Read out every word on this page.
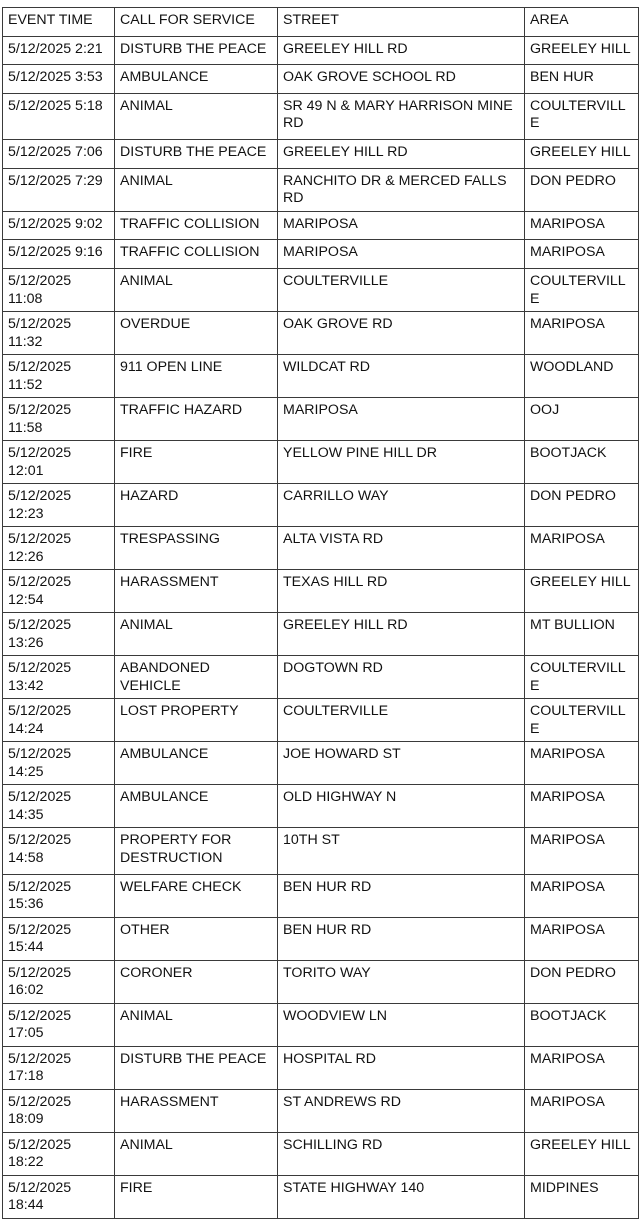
EVENT TIME	CALL FOR SERVICE	STREET	AREA
5/12/2025 2:21	DISTURB THE PEACE	GREELEY HILL RD	GREELEY HILL
5/12/2025 3:53	AMBULANCE	OAK GROVE SCHOOL RD	BEN HUR
5/12/2025 5:18	ANIMAL	SR 49 N & MARY HARRISON MINE RD	COULTERVILLE
5/12/2025 7:06	DISTURB THE PEACE	GREELEY HILL RD	GREELEY HILL
5/12/2025 7:29	ANIMAL	RANCHITO DR & MERCED FALLS RD	DON PEDRO
5/12/2025 9:02	TRAFFIC COLLISION	MARIPOSA	MARIPOSA
5/12/2025 9:16	TRAFFIC COLLISION	MARIPOSA	MARIPOSA
5/12/2025 11:08	ANIMAL	COULTERVILLE	COULTERVILLE
5/12/2025 11:32	OVERDUE	OAK GROVE RD	MARIPOSA
5/12/2025 11:52	911 OPEN LINE	WILDCAT RD	WOODLAND
5/12/2025 11:58	TRAFFIC HAZARD	MARIPOSA	OOJ
5/12/2025 12:01	FIRE	YELLOW PINE HILL DR	BOOTJACK
5/12/2025 12:23	HAZARD	CARRILLO WAY	DON PEDRO
5/12/2025 12:26	TRESPASSING	ALTA VISTA RD	MARIPOSA
5/12/2025 12:54	HARASSMENT	TEXAS HILL RD	GREELEY HILL
5/12/2025 13:26	ANIMAL	GREELEY HILL RD	MT BULLION
5/12/2025 13:42	ABANDONED VEHICLE	DOGTOWN RD	COULTERVILLE
5/12/2025 14:24	LOST PROPERTY	COULTERVILLE	COULTERVILLE
5/12/2025 14:25	AMBULANCE	JOE HOWARD ST	MARIPOSA
5/12/2025 14:35	AMBULANCE	OLD HIGHWAY N	MARIPOSA
5/12/2025 14:58	PROPERTY FOR DESTRUCTION	10TH ST	MARIPOSA
5/12/2025 15:36	WELFARE CHECK	BEN HUR RD	MARIPOSA
5/12/2025 15:44	OTHER	BEN HUR RD	MARIPOSA
5/12/2025 16:02	CORONER	TORITO WAY	DON PEDRO
5/12/2025 17:05	ANIMAL	WOODVIEW LN	BOOTJACK
5/12/2025 17:18	DISTURB THE PEACE	HOSPITAL RD	MARIPOSA
5/12/2025 18:09	HARASSMENT	ST ANDREWS RD	MARIPOSA
5/12/2025 18:22	ANIMAL	SCHILLING RD	GREELEY HILL
5/12/2025 18:44	FIRE	STATE HIGHWAY 140	MIDPINES
